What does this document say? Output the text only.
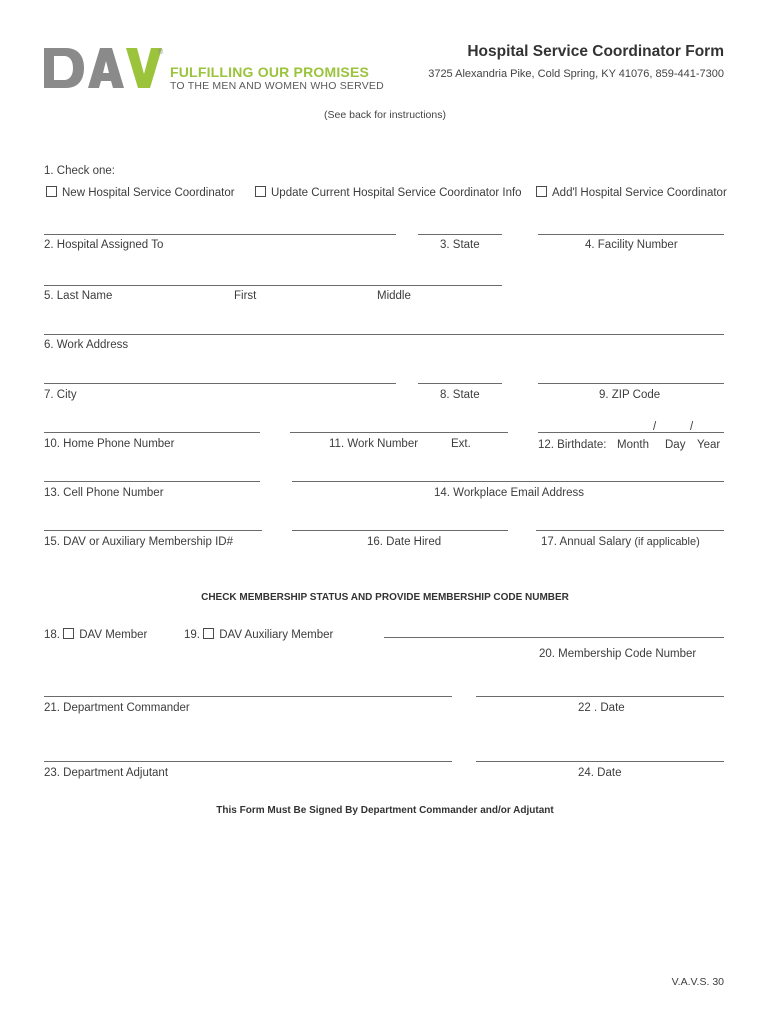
®
FULFILLING OUR PROMISES
TO THE MEN AND WOMEN WHO SERVED
Hospital Service Coordinator Form
3725 Alexandria Pike, Cold Spring, KY 41076, 859-441-7300
(See back for instructions)
1. Check one:
New Hospital Service Coordinator	Update Current Hospital Service Coordinator Info	Add'l Hospital Service Coordinator
2. Hospital Assigned To	3. State	4. Facility Number
5. Last Name	First	Middle
6. Work Address
7. City	8. State	9. ZIP Code
/	/
10. Home Phone Number	11. Work Number	Ext.	12. Birthdate: Month Day Year
13. Cell Phone Number	14. Workplace Email Address
15. DAV or Auxiliary Membership ID#	16. Date Hired	17. Annual Salary (if applicable)
CHECK MEMBERSHIP STATUS AND PROVIDE MEMBERSHIP CODE NUMBER
18. DAV Member	19. DAV Auxiliary Member
20. Membership Code Number
21. Department Commander	22 . Date
23. Department Adjutant	24. Date
This Form Must Be Signed By Department Commander and/or Adjutant
V.A.V.S. 30
